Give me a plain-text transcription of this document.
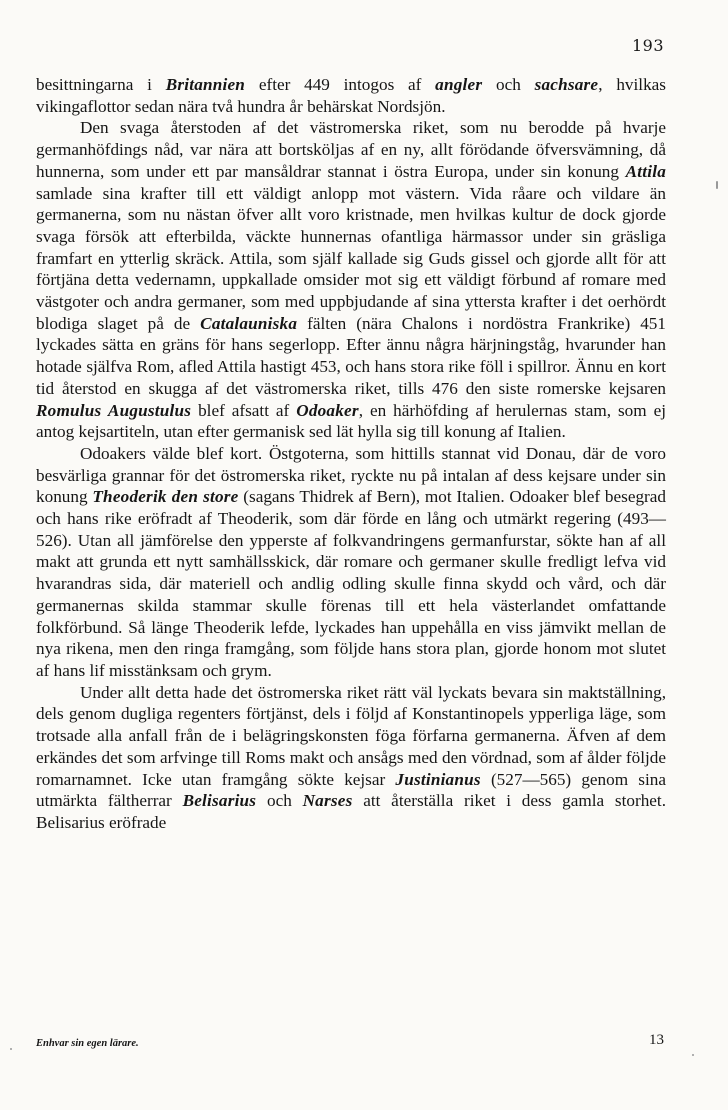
193

besittningarna i Britannien efter 449 intogos af angler och sachsare, hvilkas vikingaflottor sedan nära två hundra år behärskat Nordsjön.

Den svaga återstoden af det västromerska riket, som nu berodde på hvarje germanhöfdings nåd, var nära att bortsköljas af en ny, allt förödande öfversvämning, då hunnerna, som under ett par mansåldrar stannat i östra Europa, under sin konung Attila samlade sina krafter till ett väldigt anlopp mot västern. Vida råare och vildare än germanerna, som nu nästan öfver allt voro kristnade, men hvilkas kultur de dock gjorde svaga försök att efterbilda, väckte hunnernas ofantliga härmassor under sin gräsliga framfart en ytterlig skräck. Attila, som själf kallade sig Guds gissel och gjorde allt för att förtjäna detta vedernamn, uppkallade omsider mot sig ett väldigt förbund af romare med västgoter och andra germaner, som med uppbjudande af sina yttersta krafter i det oerhördt blodiga slaget på de Catalauniska fälten (nära Chalons i nordöstra Frankrike) 451 lyckades sätta en gräns för hans segerlopp. Efter ännu några härjningståg, hvarunder han hotade själfva Rom, afled Attila hastigt 453, och hans stora rike föll i spillror. Ännu en kort tid återstod en skugga af det västromerska riket, tills 476 den siste romerske kejsaren Romulus Augustulus blef afsatt af Odoaker, en härhöfding af herulernas stam, som ej antog kejsartiteln, utan efter germanisk sed lät hylla sig till konung af Italien.

Odoakers välde blef kort. Östgoterna, som hittills stannat vid Donau, där de voro besvärliga grannar för det östromerska riket, ryckte nu på intalan af dess kejsare under sin konung Theoderik den store (sagans Thidrek af Bern), mot Italien. Odoaker blef besegrad och hans rike eröfradt af Theoderik, som där förde en lång och utmärkt regering (493—526). Utan all jämförelse den ypperste af folkvandringens germanfurstar, sökte han af all makt att grunda ett nytt samhällsskick, där romare och germaner skulle fredligt lefva vid hvarandras sida, där materiell och andlig odling skulle finna skydd och vård, och där germanernas skilda stammar skulle förenas till ett hela västerlandet omfattande folkförbund. Så länge Theoderik lefde, lyckades han uppehålla en viss jämvikt mellan de nya rikena, men den ringa framgång, som följde hans stora plan, gjorde honom mot slutet af hans lif misstänksam och grym.

Under allt detta hade det östromerska riket rätt väl lyckats bevara sin maktställning, dels genom dugliga regenters förtjänst, dels i följd af Konstantinopels ypperliga läge, som trotsade alla anfall från de i belägringskonsten föga förfarna germanerna. Äfven af dem erkändes det som arfvinge till Roms makt och ansågs med den vördnad, som af ålder följde romarnamnet. Icke utan framgång sökte kejsar Justinianus (527—565) genom sina utmärkta fältherrar Belisarius och Narses att återställa riket i dess gamla storhet. Belisarius eröfrade

Enhvar sin egen lärare.	13
